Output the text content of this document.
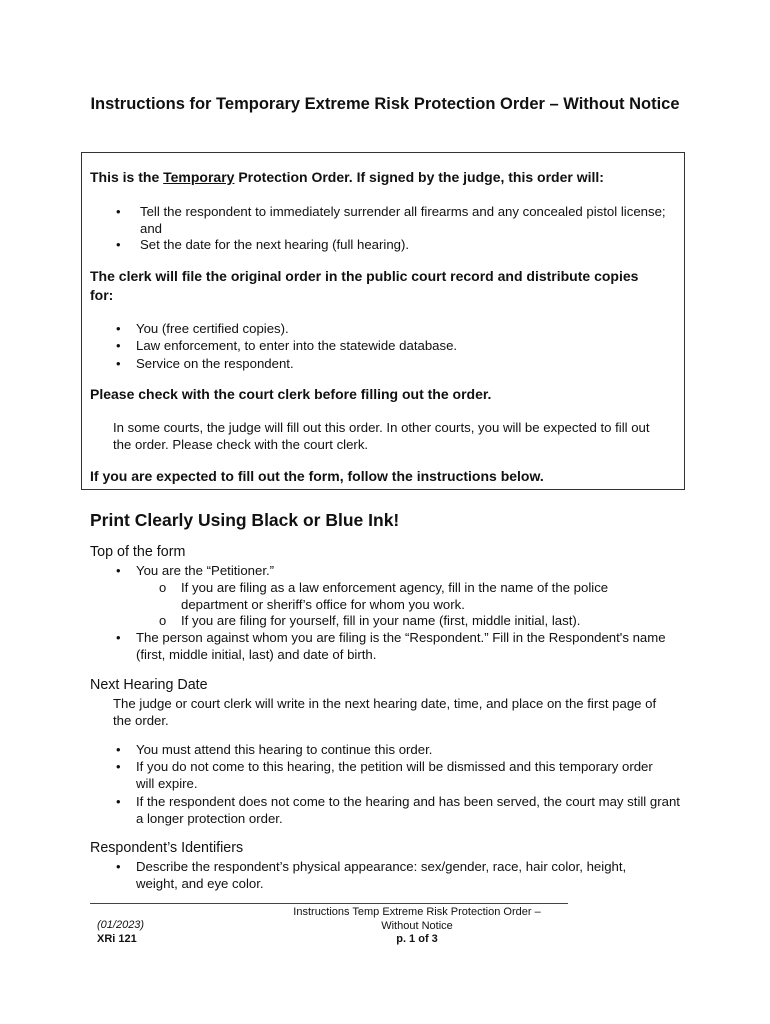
Instructions for Temporary Extreme Risk Protection Order – Without Notice
This is the Temporary Protection Order. If signed by the judge, this order will:
• Tell the respondent to immediately surrender all firearms and any concealed pistol license; and
• Set the date for the next hearing (full hearing).
The clerk will file the original order in the public court record and distribute copies for:
• You (free certified copies).
• Law enforcement, to enter into the statewide database.
• Service on the respondent.
Please check with the court clerk before filling out the order.
In some courts, the judge will fill out this order. In other courts, you will be expected to fill out the order. Please check with the court clerk.
If you are expected to fill out the form, follow the instructions below.
Print Clearly Using Black or Blue Ink!
Top of the form
• You are the “Petitioner.”
o If you are filing as a law enforcement agency, fill in the name of the police department or sheriff’s office for whom you work.
o If you are filing for yourself, fill in your name (first, middle initial, last).
• The person against whom you are filing is the “Respondent.” Fill in the Respondent's name (first, middle initial, last) and date of birth.
Next Hearing Date
The judge or court clerk will write in the next hearing date, time, and place on the first page of the order.
• You must attend this hearing to continue this order.
• If you do not come to this hearing, the petition will be dismissed and this temporary order will expire.
• If the respondent does not come to the hearing and has been served, the court may still grant a longer protection order.
Respondent’s Identifiers
• Describe the respondent’s physical appearance: sex/gender, race, hair color, height, weight, and eye color.
(01/2023)
XRi 121
Instructions Temp Extreme Risk Protection Order – Without Notice
p. 1 of 3
